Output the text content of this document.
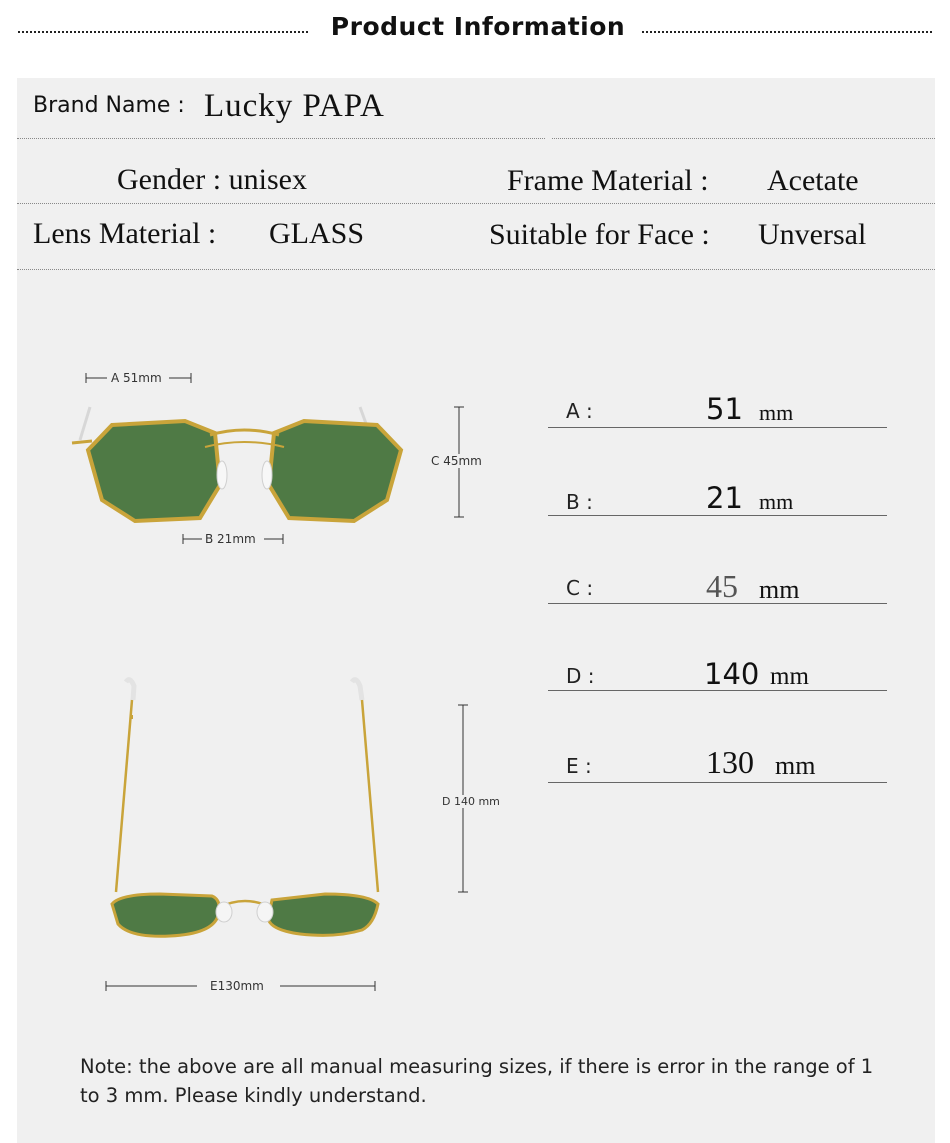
Product Information
Brand Name : Lucky PAPA
Gender : unisex	Frame Material : Acetate
Lens Material : GLASS	Suitable for Face : Unversal
A 51mm
B 21mm
C 45mm
D 140 mm
E130mm
A :	51 mm
B :	21 mm
C :	45 mm
D :	140 mm
E :	130 mm
Note: the above are all manual measuring sizes, if there is error in the range of 1 to 3 mm. Please kindly understand.
